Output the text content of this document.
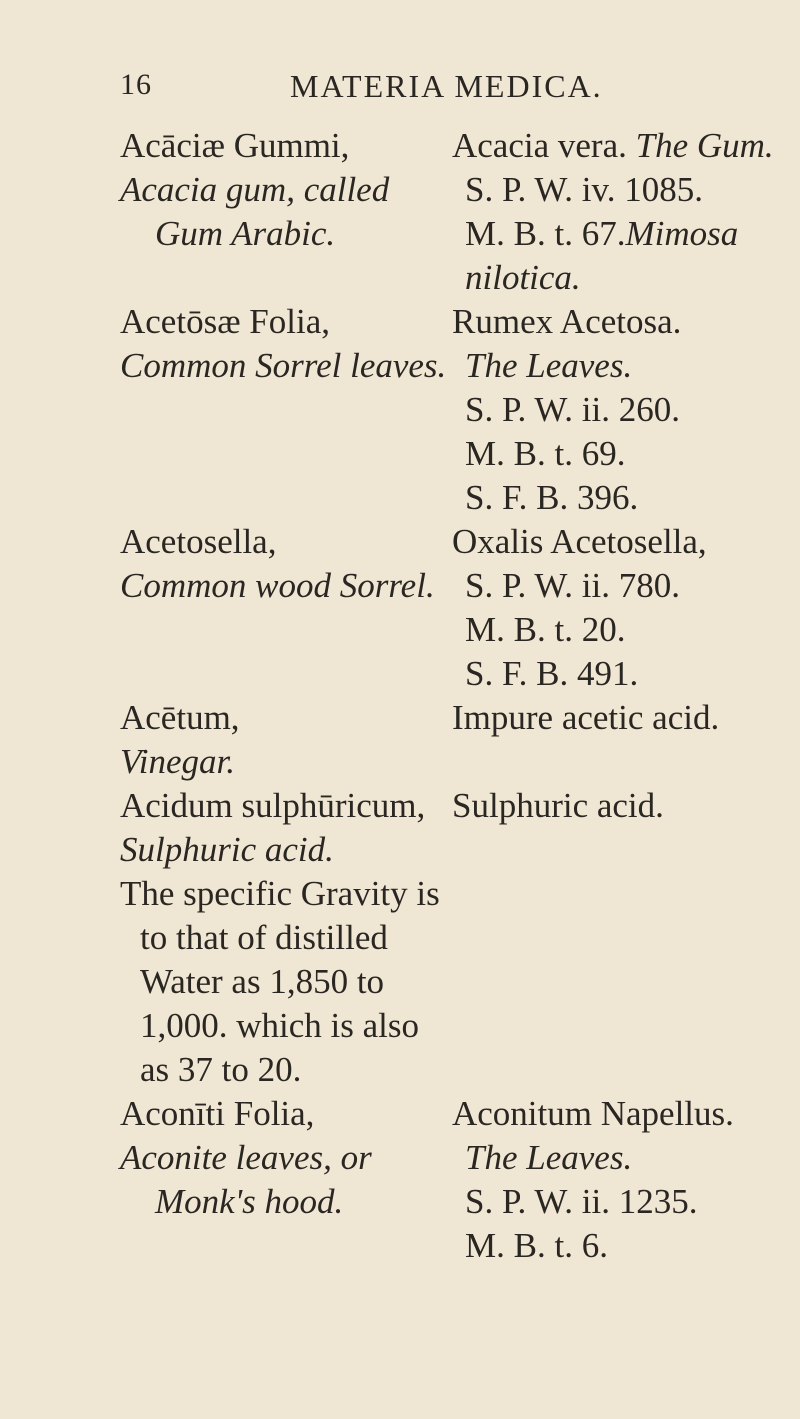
16	MATERIA MEDICA.
Acāciæ Gummi,
Acacia gum, called
Gum Arabic.
Acacia vera. The Gum.
S. P. W. iv. 1085.
M. B. t. 67.Mimosa
nilotica.
Acetōsæ Folia,
Common Sorrel leaves.
Rumex Acetosa.
The Leaves.
S. P. W. ii. 260.
M. B. t. 69.
S. F. B. 396.
Acetosella,
Common wood Sorrel.
Oxalis Acetosella,
S. P. W. ii. 780.
M. B. t. 20.
S. F. B. 491.
Acētum,
Vinegar.
Impure acetic acid.
Acidum sulphūricum,
Sulphuric acid.
The specific Gravity is
to that of distilled
Water as 1,850 to
1,000. which is also
as 37 to 20.
Sulphuric acid.
Aconīti Folia,
Aconite leaves, or
Monk's hood.
Aconitum Napellus.
The Leaves.
S. P. W. ii. 1235.
M. B. t. 6.
